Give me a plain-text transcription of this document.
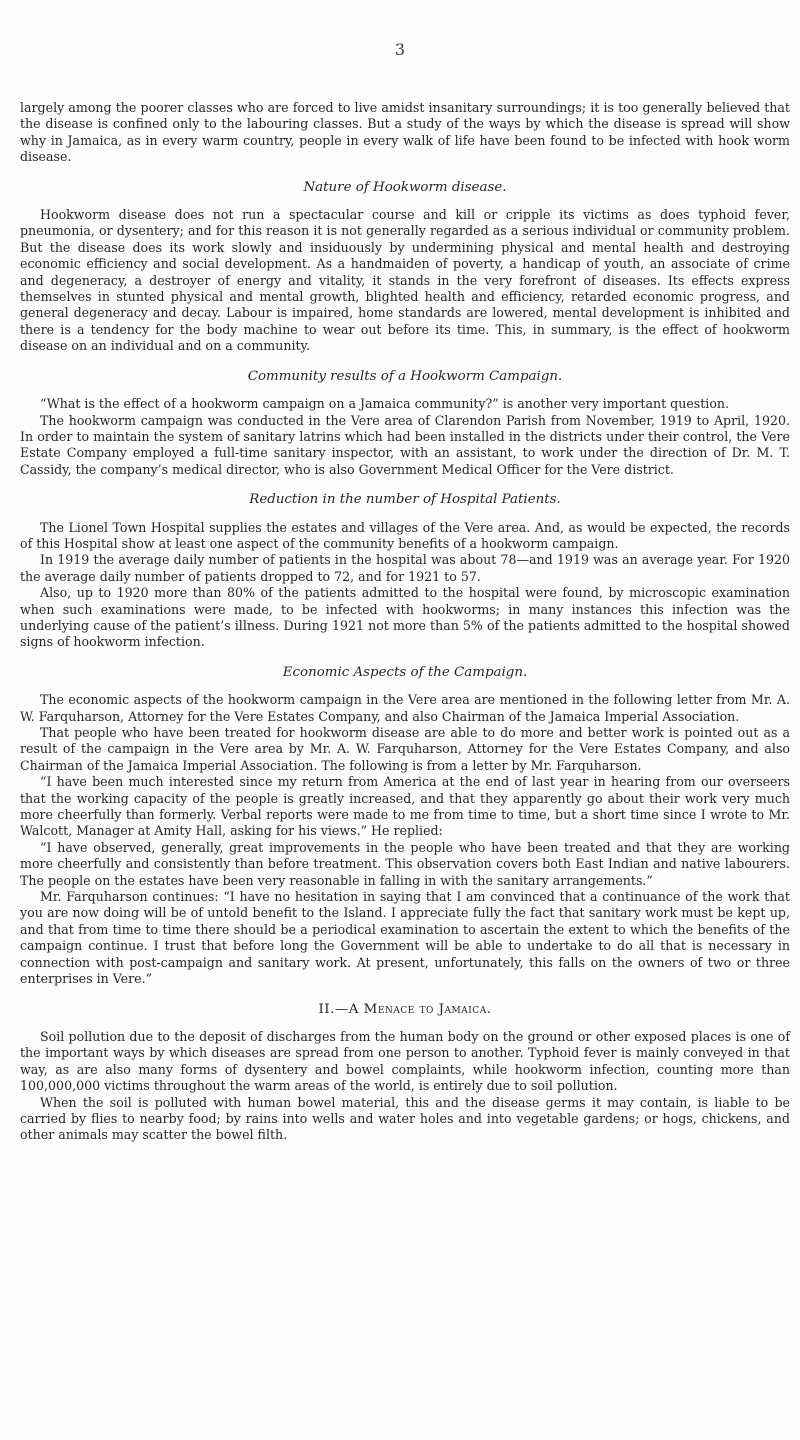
3

largely among the poorer classes who are forced to live amidst insanitary surroundings; it is too generally believed that the disease is confined only to the labouring classes. But a study of the ways by which the disease is spread will show why in Jamaica, as in every warm country, people in every walk of life have been found to be infected with hook worm disease.

Nature of Hookworm disease.

Hookworm disease does not run a spectacular course and kill or cripple its victims as does typhoid fever, pneumonia, or dysentery; and for this reason it is not generally regarded as a serious individual or community problem. But the disease does its work slowly and insiduously by undermining physical and mental health and destroying economic efficiency and social development. As a handmaiden of poverty, a handicap of youth, an associate of crime and degeneracy, a destroyer of energy and vitality, it stands in the very forefront of diseases. Its effects express themselves in stunted physical and mental growth, blighted health and efficiency, retarded economic progress, and general degeneracy and decay. Labour is impaired, home standards are lowered, mental development is inhibited and there is a tendency for the body machine to wear out before its time. This, in summary, is the effect of hookworm disease on an individual and on a community.

Community results of a Hookworm Campaign.

“What is the effect of a hookworm campaign on a Jamaica community?” is another very important question.

The hookworm campaign was conducted in the Vere area of Clarendon Parish from November, 1919 to April, 1920. In order to maintain the system of sanitary latrins which had been installed in the districts under their control, the Vere Estate Company employed a full-time sanitary inspector, with an assistant, to work under the direction of Dr. M. T. Cassidy, the company’s medical director, who is also Government Medical Officer for the Vere district.

Reduction in the number of Hospital Patients.

The Lionel Town Hospital supplies the estates and villages of the Vere area. And, as would be expected, the records of this Hospital show at least one aspect of the community benefits of a hookworm campaign.

In 1919 the average daily number of patients in the hospital was about 78—and 1919 was an average year. For 1920 the average daily number of patients dropped to 72, and for 1921 to 57.

Also, up to 1920 more than 80% of the patients admitted to the hospital were found, by microscopic examination when such examinations were made, to be infected with hookworms; in many instances this infection was the underlying cause of the patient’s illness. During 1921 not more than 5% of the patients admitted to the hospital showed signs of hookworm infection.

Economic Aspects of the Campaign.

The economic aspects of the hookworm campaign in the Vere area are mentioned in the following letter from Mr. A. W. Farquharson, Attorney for the Vere Estates Company, and also Chairman of the Jamaica Imperial Association.

That people who have been treated for hookworm disease are able to do more and better work is pointed out as a result of the campaign in the Vere area by Mr. A. W. Farquharson, Attorney for the Vere Estates Company, and also Chairman of the Jamaica Imperial Association. The following is from a letter by Mr. Farquharson.

“I have been much interested since my return from America at the end of last year in hearing from our overseers that the working capacity of the people is greatly increased, and that they apparently go about their work very much more cheerfully than formerly. Verbal reports were made to me from time to time, but a short time since I wrote to Mr. Walcott, Manager at Amity Hall, asking for his views.” He replied:

“I have observed, generally, great improvements in the people who have been treated and that they are working more cheerfully and consistently than before treatment. This observation covers both East Indian and native labourers. The people on the estates have been very reasonable in falling in with the sanitary arrangements.”

Mr. Farquharson continues: “I have no hesitation in saying that I am convinced that a continuance of the work that you are now doing will be of untold benefit to the Island. I appreciate fully the fact that sanitary work must be kept up, and that from time to time there should be a periodical examination to ascertain the extent to which the benefits of the campaign continue. I trust that before long the Government will be able to undertake to do all that is necessary in connection with post-campaign and sanitary work. At present, unfortunately, this falls on the owners of two or three enterprises in Vere.”

II.—A Menace to Jamaica.

Soil pollution due to the deposit of discharges from the human body on the ground or other exposed places is one of the important ways by which diseases are spread from one person to another. Typhoid fever is mainly conveyed in that way, as are also many forms of dysentery and bowel complaints, while hookworm infection, counting more than 100,000,000 victims throughout the warm areas of the world, is entirely due to soil pollution.

When the soil is polluted with human bowel material, this and the disease germs it may contain, is liable to be carried by flies to nearby food; by rains into wells and water holes and into vegetable gardens; or hogs, chickens, and other animals may scatter the bowel filth.
